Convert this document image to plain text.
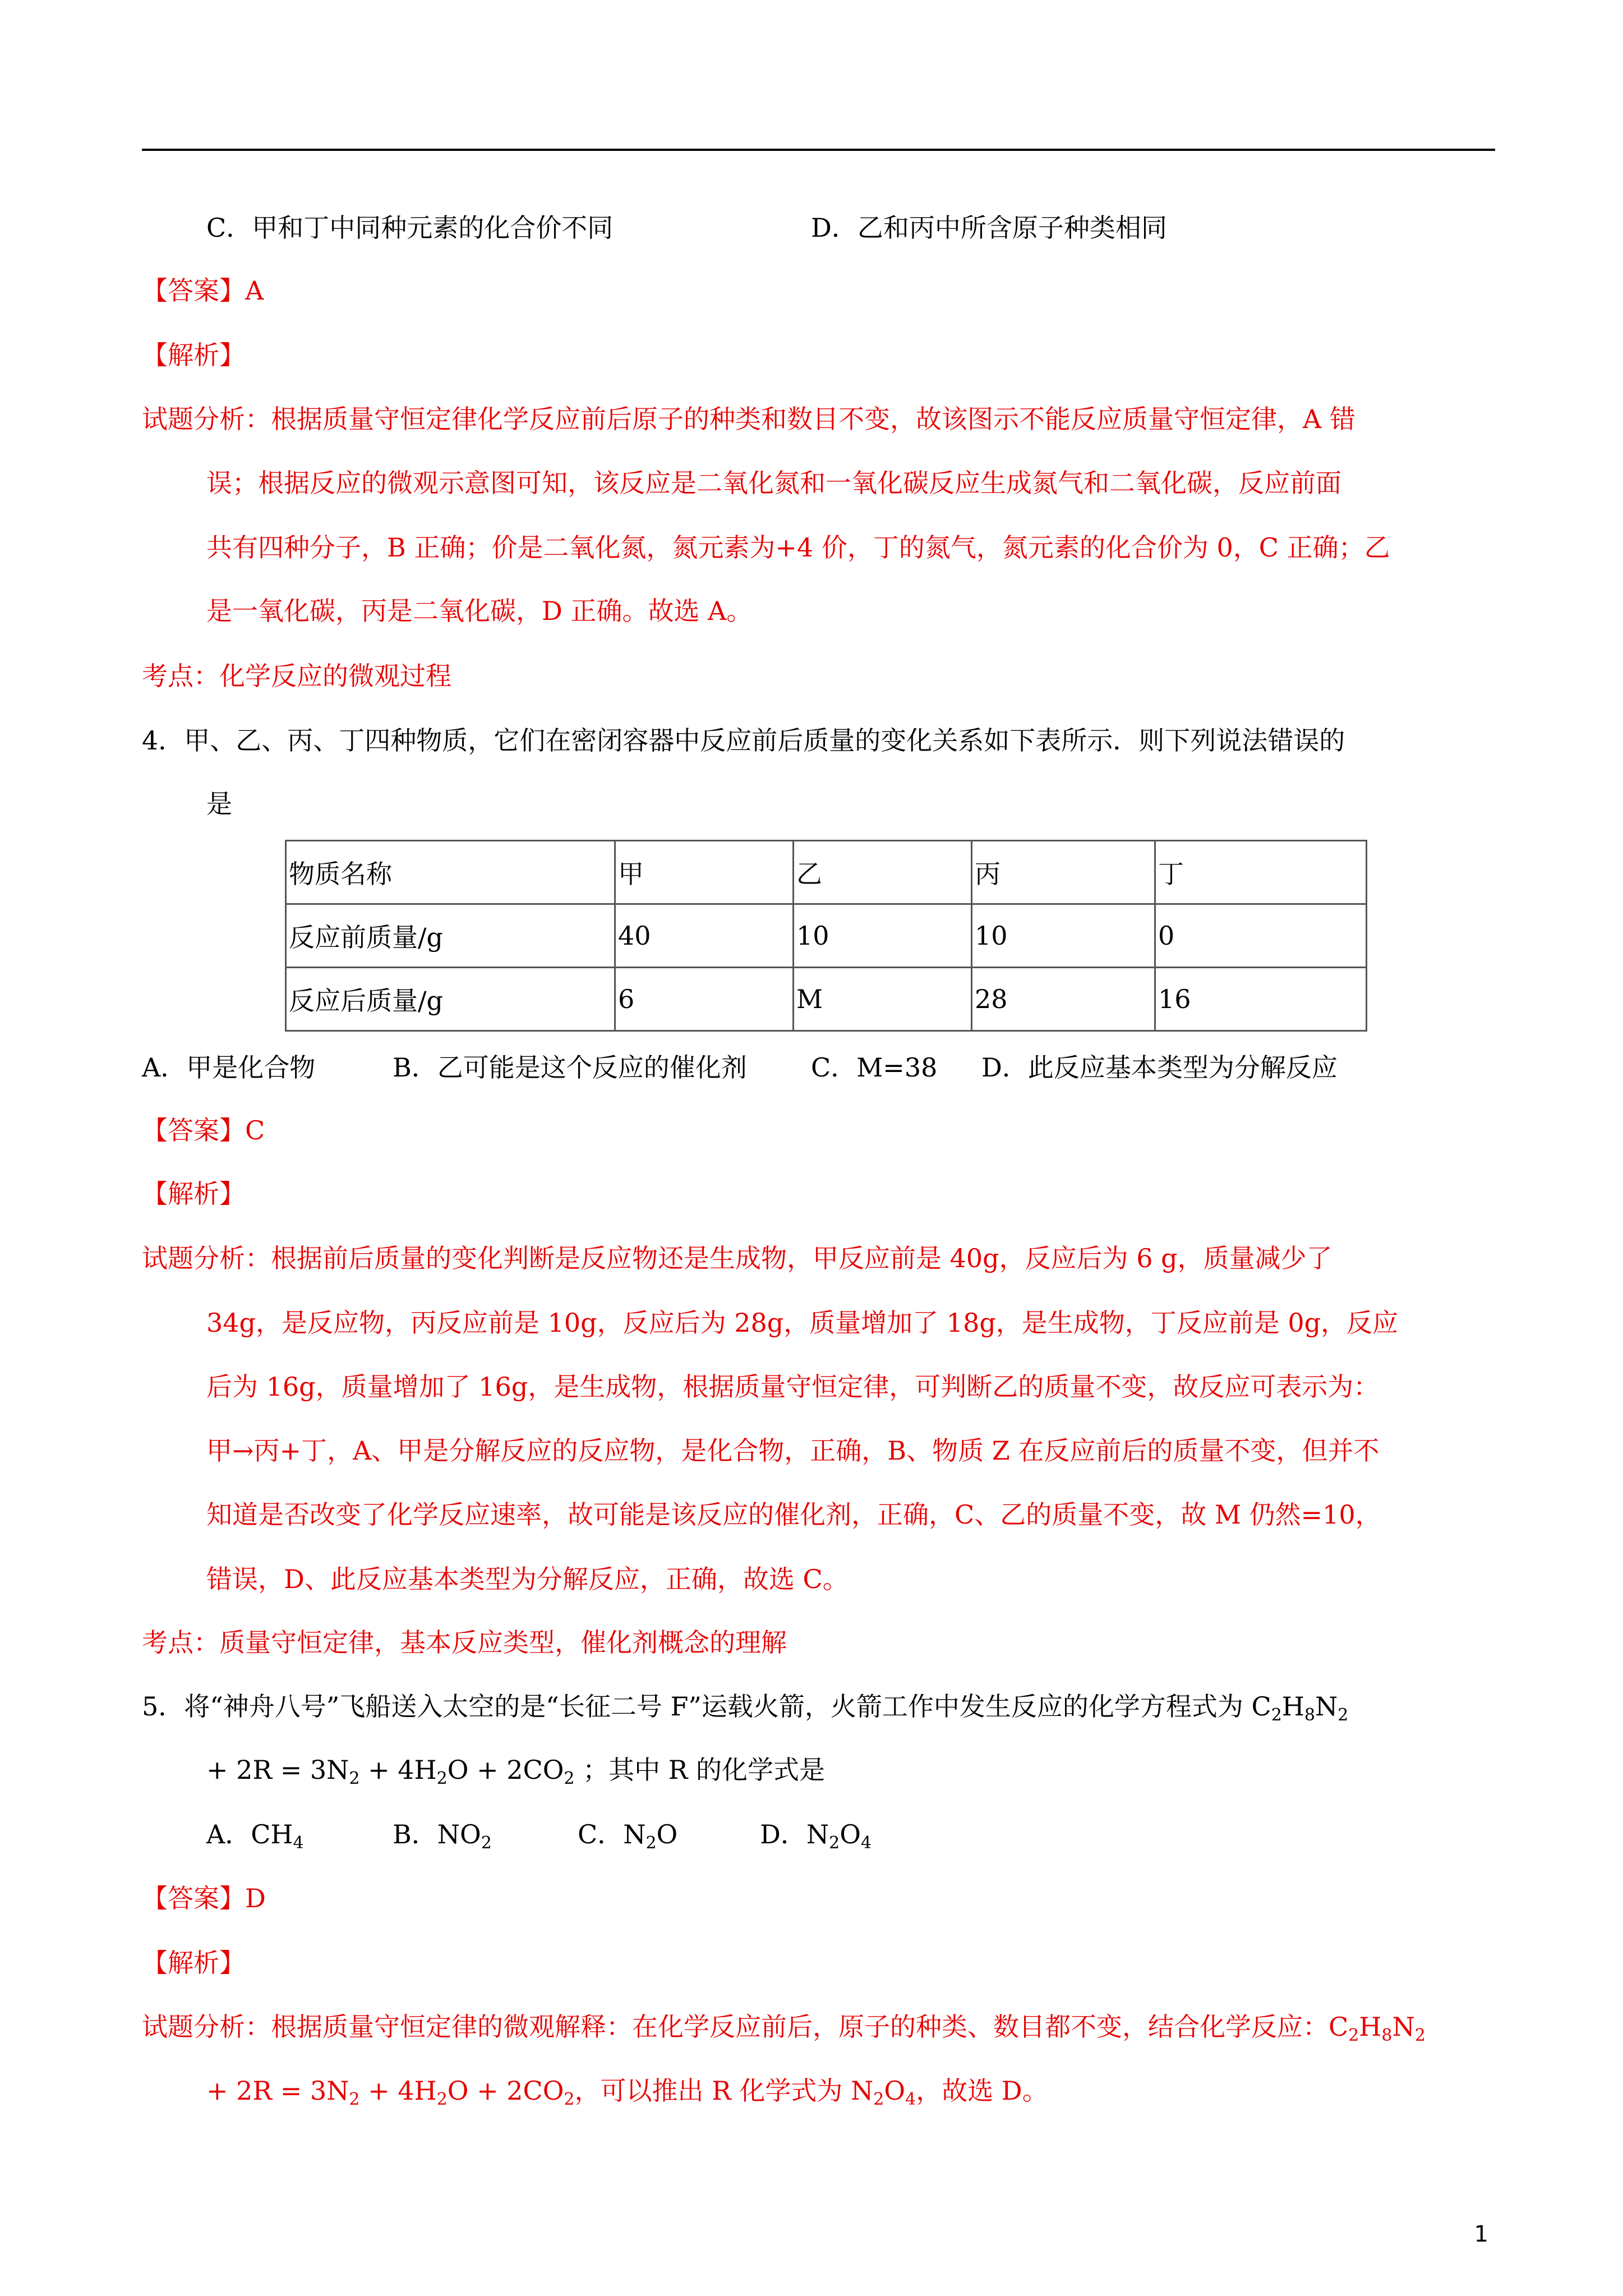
C．甲和丁中同种元素的化合价不同	D．乙和丙中所含原子种类相同
【答案】A
【解析】
试题分析：根据质量守恒定律化学反应前后原子的种类和数目不变，故该图示不能反应质量守恒定律，A 错
误；根据反应的微观示意图可知，该反应是二氧化氮和一氧化碳反应生成氮气和二氧化碳，反应前面
共有四种分子，B 正确；价是二氧化氮，氮元素为+4 价，丁的氮气，氮元素的化合价为 0，C 正确；乙
是一氧化碳，丙是二氧化碳，D 正确。故选 A。
考点：化学反应的微观过程
4．甲、乙、丙、丁四种物质，它们在密闭容器中反应前后质量的变化关系如下表所示．则下列说法错误的
是
物质名称	甲	乙	丙	丁
反应前质量/g	40	10	10	0
反应后质量/g	6	M	28	16
A．甲是化合物	B．乙可能是这个反应的催化剂 C．M=38 D．此反应基本类型为分解反应
【答案】C
【解析】
试题分析：根据前后质量的变化判断是反应物还是生成物，甲反应前是 40g，反应后为 6 g，质量减少了
34g，是反应物，丙反应前是 10g，反应后为 28g，质量增加了 18g，是生成物，丁反应前是 0g，反应
后为 16g，质量增加了 16g，是生成物，根据质量守恒定律，可判断乙的质量不变，故反应可表示为：
甲→丙+丁，A、甲是分解反应的反应物，是化合物，正确，B、物质 Z 在反应前后的质量不变，但并不
知道是否改变了化学反应速率，故可能是该反应的催化剂，正确，C、乙的质量不变，故 M 仍然=10，
错误，D、此反应基本类型为分解反应，正确，故选 C。
考点：质量守恒定律，基本反应类型，催化剂概念的理解
5．将“神舟八号”飞船送入太空的是“长征二号 F”运载火箭，火箭工作中发生反应的化学方程式为 $C_2H_8N_2$
+ $2R = 3N_2 + 4H_2O + 2CO_2$ ；其中 R 的化学式是
A．$CH_4$	B．$NO_2$	C．$N_2O$	D．$N_2O_4$
【答案】D
【解析】
试题分析：根据质量守恒定律的微观解释：在化学反应前后，原子的种类、数目都不变，结合化学反应：$C_2H_8N_2$
+ $2R = 3N_2 + 4H_2O + 2CO_2$，可以推出 R 化学式为 $N_2O_4$，故选 D。
1
